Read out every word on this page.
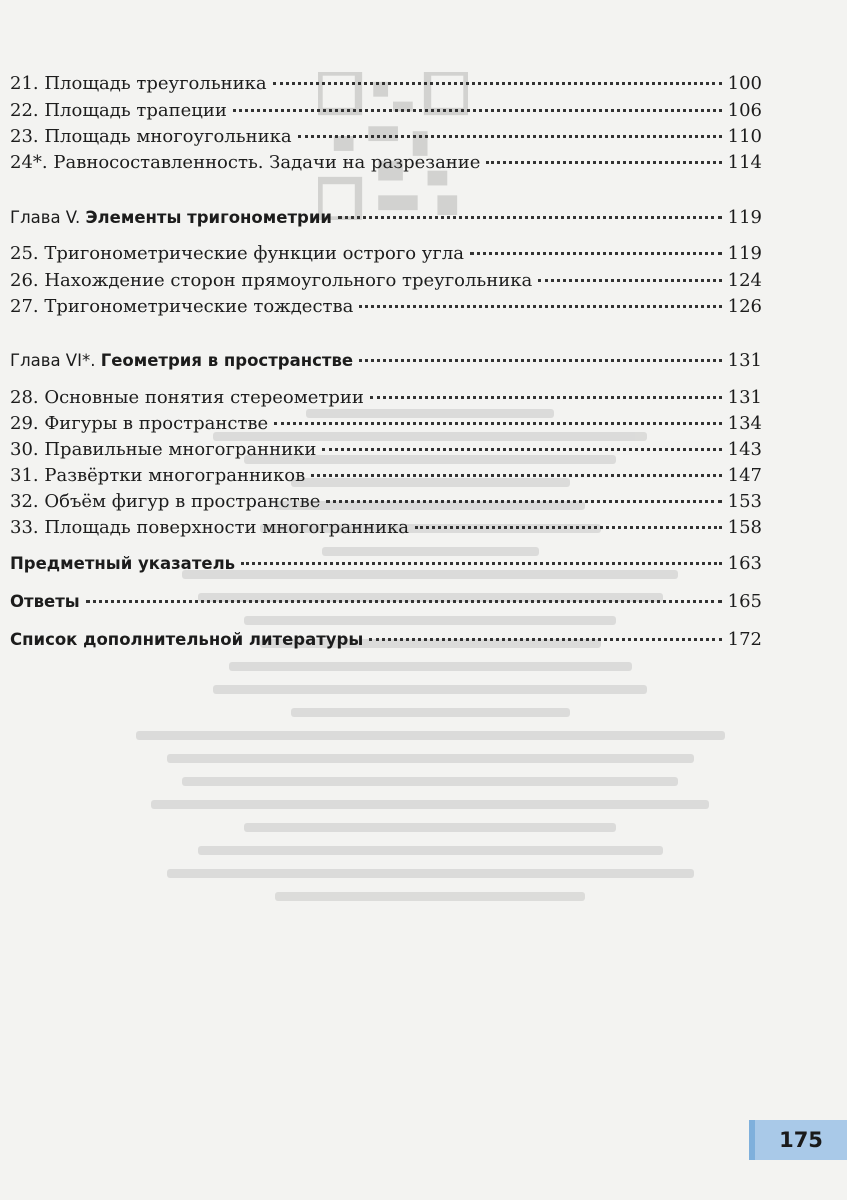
21. Площадь треугольника	100
22. Площадь трапеции	106
23. Площадь многоугольника	110
24*. Равносоставленность. Задачи на разрезание	114
Глава V. Элементы тригонометрии	119
25. Тригонометрические функции острого угла	119
26. Нахождение сторон прямоугольного треугольника	124
27. Тригонометрические тождества	126
Глава VI*. Геометрия в пространстве	131
28. Основные понятия стереометрии	131
29. Фигуры в пространстве	134
30. Правильные многогранники	143
31. Развёртки многогранников	147
32. Объём фигур в пространстве	153
33. Площадь поверхности многогранника	158
Предметный указатель	163
Ответы	165
Список дополнительной литературы	172
175
